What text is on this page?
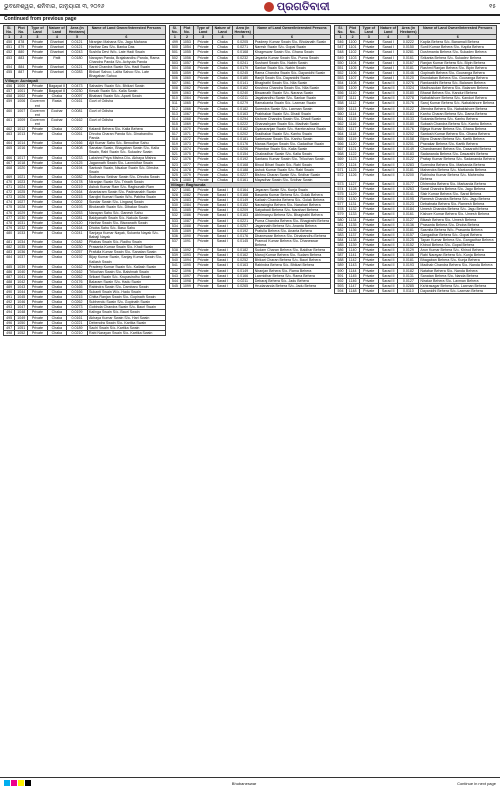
ଭୁବନେଶ୍ୱର, ଶନିବାର, ଜାନୁୟାରୀ ୩, ୨୦୨୬	ପ୍ରଗତିବାଦୀ	୧୫
Continued from previous page
Sl. No.	Plot No.	Type of Land	Nature of Land	Area (in Hectares)	Name of Land Owner/Interested Persons
1	2	3	4	5	6
450	878	Private	Gharbari	0.0121	Niranjan Mahana S/o- Jagu Mahana
451	879	Private	Gharbari	0.0121	Harihar Das S/o- Banka Das
452	880	Private	Gharbari	0.0243	Sushila Devi W/o- Late Hadi Swain
453	883	Private	Patit	0.0180	Narayan Panda, Brajabandhu Panda, Rama Chandra Panda S/o- Achyuta Panda
454	884	Private	Gharbari	0.0121	Sarat Chandra Swain S/o- Hadi Swain
455	887	Private	Gharbari	0.0283	Bhikari Sahoo, Lalita Sahoo S/o- Late Bhagaban Sahoo
Village: Aunlapali					
456	1000	Private	Bagayat II	0.0473	Sahadev Swain S/o- Bhikari Swain
457	1001	Private	Bagayat II	0.0230	Kesab Swain S/o- Kalia Swain
458	1002	Private	Chaka	0.0097	Bhabani Swain S/o- Aparti Swain
459	1006	Government	Rasta	0.0161	Govt of Odisha
460	1007	Government	Gochar	0.0081	Govt of Odisha
461	1009	Government	Gochar	0.0162	Govt of Odisha
462	1012	Private	Chaka	0.0202	Kalandi Behera S/o- Kalia Behera
463	1013	Private	Chaka	0.0261	Dhruba Charan Panda S/o- Dinabandhu Panda
464	1014	Private	Chaka	0.0166	Ajit Kumar Sahu S/o- Benudhar Sahu
465	1016	Private	Chaka	0.0408	Sanatan Swain, Bhagaban Swain S/o- Kalia Swain, Rabi Swain S/o- Sukadev Swain
466	1017	Private	Chaka	0.0233	Lakshmi Priya Mishra D/o- Akhaya Mishra
467	1018	Private	Chaka	0.0125	Jagannath Swain S/o- Laxmidhar Swain
468	1020	Private	Chaka	0.0194	Santosh Swain, Nisakar Swain S/o- Dhruba Swain
469	1021	Private	Chaka	0.0282	Sudhansu Sekhar Swain S/o- Dhruba Swain
470	1023	Private	Chaka	0.0178	Niranjan Swain S/o- Trinath Swain
471	1024	Private	Chaka	0.0219	Ashok Kumar Ram S/o- Raghunath Ram
472	1025	Private	Chaka	0.0164	Anantaram Swain S/o- Padmanabh Swain
473	1026	Private	Chaka	0.0215	Sarojini Kumari Swain W/o- Pabitra Swain
474	1027	Private	Chaka	0.0202	Sundar Swain S/o- Lingaraj Swain
475	1028	Private	Chaka	0.0193	Bholanath Swain S/o- Dibakar Swain
476	1029	Private	Chaka	0.0253	Narayan Sahu S/o- Ganesh Sahu
477	1030	Private	Chaka	0.0281	Baidyanath Swain S/o- Nakula Swain
478	1031	Private	Chaka	0.0120	Harihar Swain S/o- Biswanath Swain
479	1032	Private	Chaka	0.0164	Dhoba Sahu S/o- Basu Sahu
480	1033	Private	Chaka	0.0241	Sanjaya Kumar Nayak, Sukanta Nayak S/o- Babaji Nayak
481	1034	Private	Chaka	0.0182	Pitabas Swain S/o- Radhu Swain
482	1035	Private	Chaka	0.0230	Prasanta Kumar Swain S/o- Khali Swain
483	1036	Private	Chaka	0.0257	Prafulla Kumar Swain S/o- Sanatan Swain
484	1037	Private	Chaka	0.0192	Bijay Kumar Swain, Sanjay Kumar Swain S/o- Kailash Swain
485	1039	Private	Chaka	0.0162	Pradeep Kumar Swain S/o- Kailash Swain
486	1040	Private	Chaka	0.0162	Trilochan Swain S/o- Baishnab Swain
487	1041	Private	Chaka	0.0262	Srikant Swain S/o- Krupasindhu Swain
488	1042	Private	Chaka	0.0176	Balaram Swain S/o- Hadu Swain
489	1043	Private	Chaka	0.0165	Rabindra Swain S/o- Dambaru Swain
490	1044	Private	Chaka	0.0166	Sukanti Swain W/o- Hadu Swain
491	1045	Private	Chaka	0.0215	Chitta Ranjan Swain S/o- Gopinath Swain
492	1046	Private	Chaka	0.0262	Subhendu Swain S/o- Gopinath Swain
493	1047	Private	Chaka	0.0273	Gobinda Chandra Swain S/o- Bauri Swain
494	1048	Private	Chaka	0.0199	Kalinga Swain S/o- Bauri Swain
495	1049	Private	Chaka	0.0161	Akhaya Kumar Swain S/o- Hari Swain
496	1050	Private	Chaka	0.0221	Debendra Swain S/o- Kartika Swain
497	1051	Private	Chaka	0.0189	Sachi Swain S/o- Kartika Swain
498	1052	Private	Chaka	0.0210	Rabi Narayan Swain S/o- Kartika Swain
Sl. No.	Plot No.	Type of Land	Nature of Land	Area (in Hectares)	Name of Land Owner/Interested Persons
1	2	3	4	5	6
499	1053	Private	Chaka	0.0205	Pradeep Kumar Swain S/o- Bholanath Swain
500	1054	Private	Chaka	0.0271	Naresh Swain S/o- Gopal Swain
501	1055	Private	Chaka	0.0168	Khageswar Swain S/o- Ghana Swain
502	1056	Private	Chaka	0.0232	Jayanta Kumar Swain S/o- Purna Swain
503	1057	Private	Chaka	0.0241	Sushant Swain S/o- Nabin Swain
504	1058	Private	Chaka	0.0179	Sankar Swain S/o- Nabin Swain
505	1059	Private	Chaka	0.0245	Rama Chandra Swain S/o- Dayanidhi Swain
506	1060	Private	Chaka	0.0180	Ranjit Swain S/o- Dayanidhi Swain
507	1061	Private	Chaka	0.0141	Bhagirathi Swain S/o- Nila Swain
508	1062	Private	Chaka	0.0162	Krushna Chandra Swain S/o- Nila Swain
509	1063	Private	Chaka	0.0240	Biswanath Swain S/o- Narana Swain
510	1064	Private	Chaka	0.0211	Jagabandhu Swain S/o- Sankar Swain
511	1065	Private	Chaka	0.0279	Ramakanta Swain S/o- Laxman Swain
512	1066	Private	Chaka	0.0182	Surendra Swain S/o- Laxman Swain
513	1067	Private	Chaka	0.0163	Prabhakar Swain S/o- Dhadi Swain
514	1068	Private	Chaka	0.0294	Kishore Chandra Swain S/o- Dhadi Swain
515	1069	Private	Chaka	0.0222	Ghanashyam Swain S/o- Madhab Swain
516	1070	Private	Chaka	0.0162	Gyanaranjan Swain S/o- Harekrushna Swain
517	1071	Private	Chaka	0.0202	Sradhakar Swain S/o- Kanhu Swain
518	1072	Private	Chaka	0.0181	Sarbeswar Swain S/o- Kanhu Swain
519	1073	Private	Chaka	0.0176	Manas Ranjan Swain S/o- Gadadhar Swain
520	1074	Private	Chaka	0.0206	Pitambar Swain S/o- Kalia Swain
521	1075	Private	Chaka	0.0154	Chakradhar Swain S/o- Kalia Swain
522	1076	Private	Chaka	0.0192	Santanu Kumar Swain S/o- Trilochan Swain
523	1077	Private	Chaka	0.0168	Binod Bihari Swain S/o- Rabi Swain
524	1078	Private	Chaka	0.0188	Ashok Kumar Swain S/o- Rabi Swain
525	1079	Private	Chaka	0.0227	Bishnu Charan Swain S/o- Sridhar Swain
526	1080	Private	Chaka	0.0161	Mayadhar Swain S/o- Sridhar Swain
Village: Baghunda					
527	1081	Private	Sarad I	0.0164	Jayaram Swain S/o- Kunja Swain
528	1082	Private	Sarad I	0.0168	Basanta Kumar Behera S/o- Golak Behera
529	1083	Private	Sarad I	0.0149	Kailash Chandra Behera S/o- Golak Behera
530	1084	Private	Sarad I	0.0152	Narasingha Behera S/o- Narahari Behera
531	1085	Private	Sarad I	0.0209	Satyabadi Behera S/o- Narahari Behera
532	1086	Private	Sarad I	0.0163	Abhimanyu Behera S/o- Bhagirathi Behera
533	1087	Private	Sarad I	0.0221	Purna Chandra Behera S/o- Bhagirathi Behera
534	1088	Private	Sarad I	0.0257	Jagannath Behera S/o- Ananta Behera
535	1089	Private	Sarad I	0.0192	Prafulla Behera S/o- Ananta Behera
536	1090	Private	Sarad I	0.0176	Dhaneswar Behera S/o- Dinabandhu Behera
537	1091	Private	Sarad I	0.0145	Pramod Kumar Behera S/o- Dhaneswar Behera
538	1092	Private	Sarad I	0.0182	Sudam Charan Behera S/o- Baidhar Behera
539	1093	Private	Sarad I	0.0162	Manoj Kumar Behera S/o- Sudam Behera
540	1094	Private	Sarad I	0.0252	Bhikari Charan Behera S/o- Bauri Behera
541	1095	Private	Sarad I	0.0163	Rabindra Behera S/o- Bhikari Behera
542	1096	Private	Sarad I	0.0149	Niranjan Behera S/o- Rama Behera
543	1097	Private	Sarad I	0.0166	Laxmidhar Behera S/o- Rama Behera
544	1098	Private	Sarad I	0.0211	Debaraj Behera S/o- Jadu Behera
545	1099	Private	Sarad I	0.0265	Hrudananda Behera S/o- Jadu Behera
Sl. No.	Plot No.	Type of Land	Nature of Land	Area (in Hectares)	Name of Land Owner/Interested Persons
1	2	3	4	5	6
546	1100	Private	Sarad I	0.0222	Kapila Behera S/o- Banamali Behera
547	1101	Private	Sarad I	0.0150	Sunil Kumar Behera S/o- Kapila Behera
548	1102	Private	Sarad I	0.0281	Dushmanta Behera S/o- Sukadev Behera
549	1103	Private	Sarad I	0.0161	Srikanta Behera S/o- Sukadev Behera
550	1104	Private	Sarad I	0.0167	Ranjan Kumar Behera S/o- Bipin Behera
551	1105	Private	Sarad I	0.0181	Rashmi Ranjan Behera S/o- Bipin Behera
552	1106	Private	Sarad I	0.0146	Gopinath Behera S/o- Gouranga Behera
553	1107	Private	Sarad I	0.0120	Brundaban Behera S/o- Gouranga Behera
554	1108	Private	Sarad II	0.0276	Rankanidhi Behera S/o- Balaram Behera
555	1109	Private	Sarad II	0.0324	Madhusudan Behera S/o- Balaram Behera
556	1110	Private	Sarad II	0.0180	Bharat Behera S/o- Kanduri Behera
557	1111	Private	Sarad II	0.0278	Nabakishore Behera S/o- Kanduri Behera
558	1112	Private	Sarad II	0.0176	Saroj Kumar Behera S/o- Nabakishore Behera
559	1113	Private	Sarad II	0.0122	Jitendra Behera S/o- Nabakishore Behera
560	1114	Private	Sarad II	0.0183	Kanhu Charan Behera S/o- Dama Behera
561	1115	Private	Sarad II	0.0133	Sukanta Behera S/o- Kanhu Behera
562	1116	Private	Sarad II	0.0180	Subash Chandra Behera S/o- Kanhu Behera
563	1117	Private	Sarad II	0.0176	Bijaya Kumar Behera S/o- Ghana Behera
564	1118	Private	Sarad II	0.0202	Santosh Kumar Behera S/o- Ghana Behera
565	1119	Private	Sarad II	0.0158	Bipra Charan Behera S/o- Kartik Behera
566	1120	Private	Sarad II	0.0201	Pravakar Behera S/o- Kartik Behera
567	1121	Private	Sarad II	0.0149	Chandramani Behera S/o- Dasarathi Behera
568	1122	Private	Sarad II	0.0183	Sadananda Behera S/o- Dasarathi Behera
569	1123	Private	Sarad II	0.0122	Pratap Kumar Behera S/o- Sadananda Behera
570	1124	Private	Sarad II	0.0283	Surendra Behera S/o- Markanda Behera
571	1125	Private	Sarad II	0.0181	Mahendra Behera S/o- Markanda Behera
572	1126	Private	Sarad II	0.0200	Rabindra Kumar Behera S/o- Mahendra Behera
573	1127	Private	Sarad II	0.0177	Dhirendra Behera S/o- Markanda Behera
574	1128	Private	Sarad II	0.0263	Sarat Chandra Behera S/o- Jagu Behera
575	1129	Private	Sarad II	0.0141	Sisir Kumar Behera S/o- Sarat Behera
576	1130	Private	Sarad II	0.0195	Ramesh Chandra Behera S/o- Jagu Behera
577	1131	Private	Sarad II	0.0123	Debabrata Behera S/o- Ramesh Behera
578	1132	Private	Sarad II	0.0184	Umesh Chandra Behera S/o- Jagu Behera
579	1133	Private	Sarad II	0.0161	Kishore Kumar Behera S/o- Umesh Behera
580	1134	Private	Sarad II	0.0127	Bikash Behera S/o- Umesh Behera
581	1135	Private	Sarad II	0.0136	Prasanta Behera S/o- Dhoba Behera
582	1136	Private	Sarad II	0.0181	Sasmita Behera W/o- Prasanta Behera
583	1137	Private	Sarad II	0.0157	Gangadhar Behera S/o- Gopal Behera
584	1138	Private	Sarad II	0.0125	Tapan Kumar Behera S/o- Gangadhar Behera
585	1139	Private	Sarad II	0.0152	Khirod Behera S/o- Gopal Behera
586	1140	Private	Sarad II	0.0129	Arun Kumar Behera S/o- Khirod Behera
587	1141	Private	Sarad II	0.0186	Rabi Narayan Behera S/o- Kunja Behera
588	1142	Private	Sarad II	0.0181	Bhagaban Behera S/o- Kunja Behera
589	1143	Private	Sarad II	0.0193	Madhab Chandra Behera S/o- Nanda Behera
590	1144	Private	Sarad II	0.0182	Natabar Behera S/o- Nanda Behera
591	1145	Private	Sarad II	0.0131	Sanatan Behera S/o- Nanda Behera
592	1146	Private	Sarad II	0.0127	Nirakar Behera S/o- Laxman Behera
593	1147	Private	Sarad II	0.0285	Kshirasagar Behera S/o- Laxman Behera
594	1148	Private	Sarad II	0.0110	Dayanidhi Behera S/o- Laxman Behera
Bhubaneswar	Continue in next page
